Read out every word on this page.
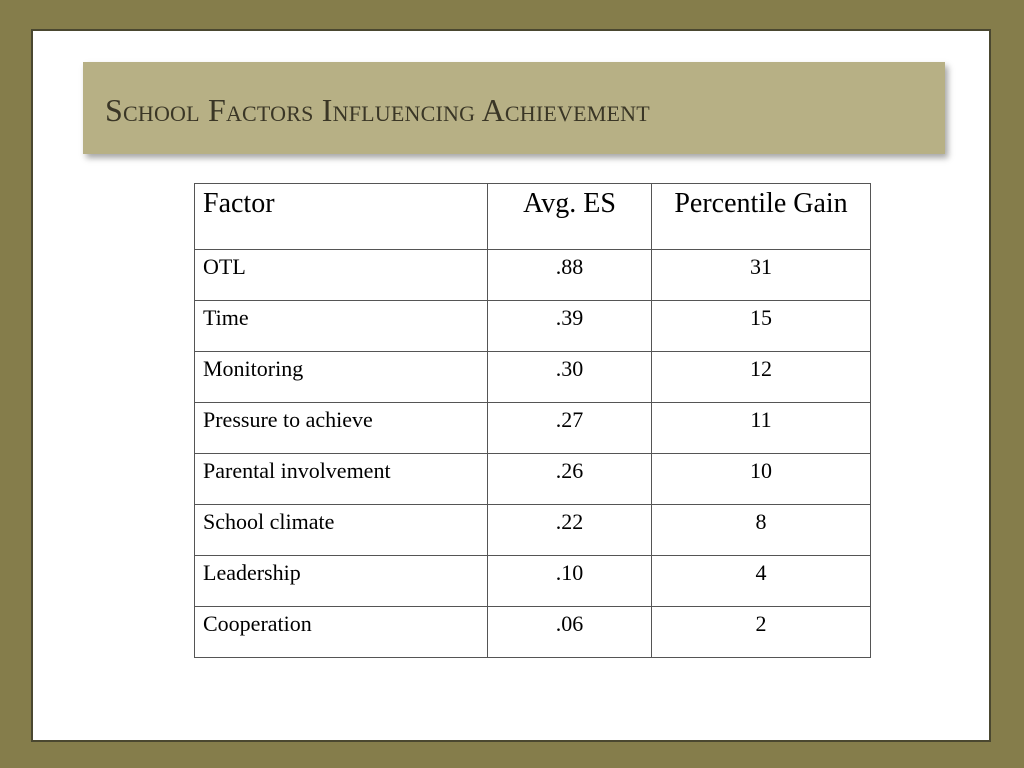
School Factors Influencing Achievement
Factor	Avg. ES	Percentile Gain
OTL	.88	31
Time	.39	15
Monitoring	.30	12
Pressure to achieve	.27	11
Parental involvement	.26	10
School climate	.22	8
Leadership	.10	4
Cooperation	.06	2
